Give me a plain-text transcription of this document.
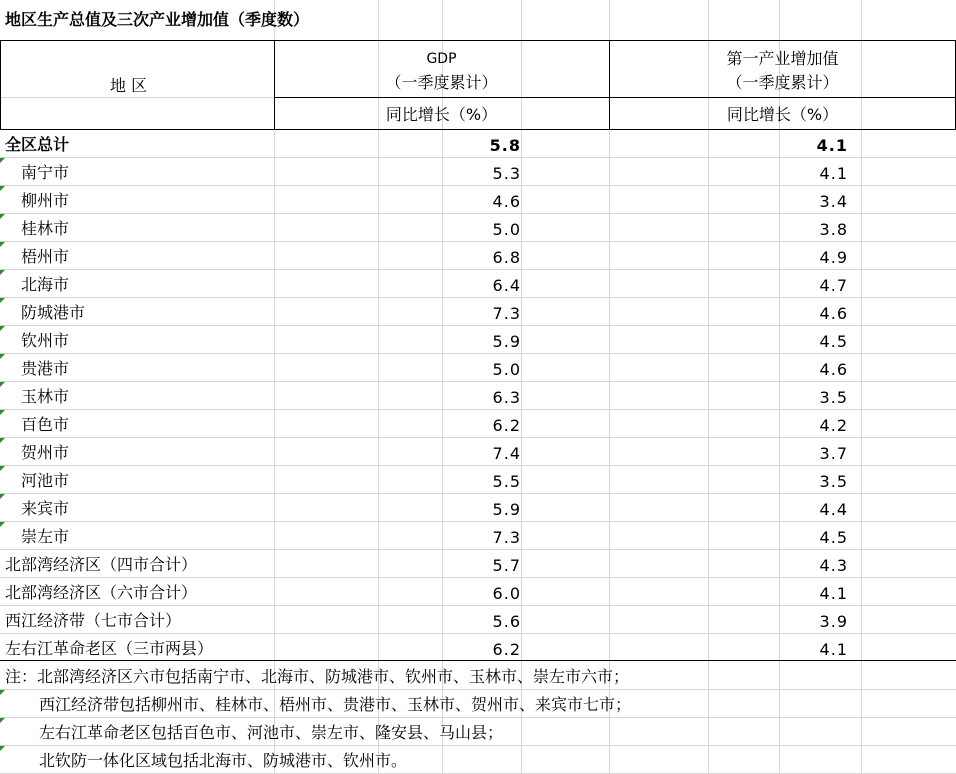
地区生产总值及三次产业增加值（季度数）
地 区
GDP
（一季度累计）
同比增长（%）
第一产业增加值
（一季度累计）
同比增长（%）
全区总计	5.8	4.1
南宁市	5.3	4.1
柳州市	4.6	3.4
桂林市	5.0	3.8
梧州市	6.8	4.9
北海市	6.4	4.7
防城港市	7.3	4.6
钦州市	5.9	4.5
贵港市	5.0	4.6
玉林市	6.3	3.5
百色市	6.2	4.2
贺州市	7.4	3.7
河池市	5.5	3.5
来宾市	5.9	4.4
崇左市	7.3	4.5
北部湾经济区（四市合计）	5.7	4.3
北部湾经济区（六市合计）	6.0	4.1
西江经济带（七市合计）	5.6	3.9
左右江革命老区（三市两县）	6.2	4.1
注：北部湾经济区六市包括南宁市、北海市、防城港市、钦州市、玉林市、崇左市六市；
西江经济带包括柳州市、桂林市、梧州市、贵港市、玉林市、贺州市、来宾市七市；
左右江革命老区包括百色市、河池市、崇左市、隆安县、马山县；
北钦防一体化区域包括北海市、防城港市、钦州市。
